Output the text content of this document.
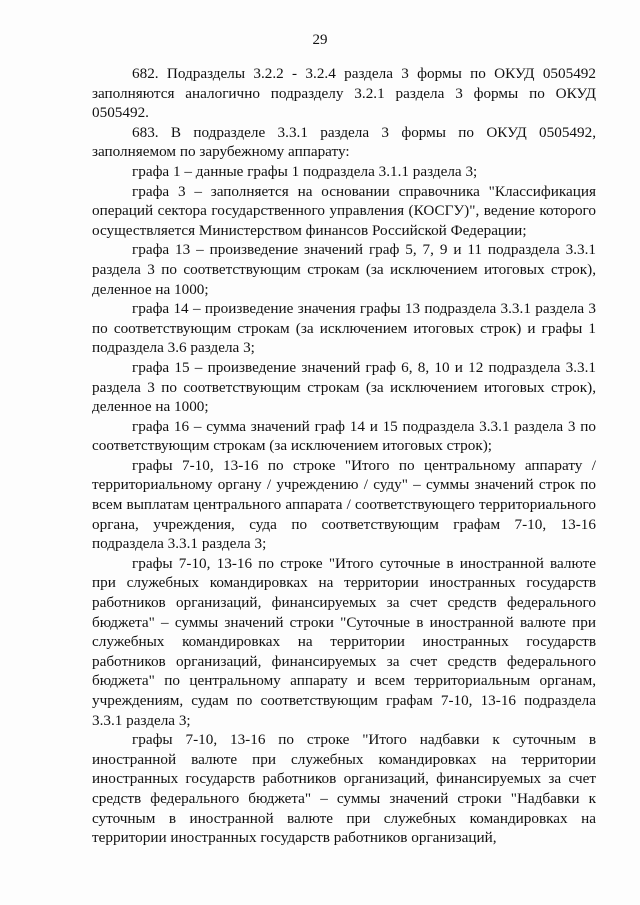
29

682. Подразделы 3.2.2 - 3.2.4 раздела 3 формы по ОКУД 0505492 заполняются аналогично подразделу 3.2.1 раздела 3 формы по ОКУД 0505492.

683. В подразделе 3.3.1 раздела 3 формы по ОКУД 0505492, заполняемом по зарубежному аппарату:

графа 1 – данные графы 1 подраздела 3.1.1 раздела 3;

графа 3 – заполняется на основании справочника "Классификация операций сектора государственного управления (КОСГУ)", ведение которого осуществляется Министерством финансов Российской Федерации;

графа 13 – произведение значений граф 5, 7, 9 и 11 подраздела 3.3.1 раздела 3 по соответствующим строкам (за исключением итоговых строк), деленное на 1000;

графа 14 – произведение значения графы 13 подраздела 3.3.1 раздела 3 по соответствующим строкам (за исключением итоговых строк) и графы 1 подраздела 3.6 раздела 3;

графа 15 – произведение значений граф 6, 8, 10 и 12 подраздела 3.3.1 раздела 3 по соответствующим строкам (за исключением итоговых строк), деленное на 1000;

графа 16 – сумма значений граф 14 и 15 подраздела 3.3.1 раздела 3 по соответствующим строкам (за исключением итоговых строк);

графы 7-10, 13-16 по строке "Итого по центральному аппарату / территориальному органу / учреждению / суду" – суммы значений строк по всем выплатам центрального аппарата / соответствующего территориального органа, учреждения, суда по соответствующим графам 7-10, 13-16 подраздела 3.3.1 раздела 3;

графы 7-10, 13-16 по строке "Итого суточные в иностранной валюте при служебных командировках на территории иностранных государств работников организаций, финансируемых за счет средств федерального бюджета" – суммы значений строки "Суточные в иностранной валюте при служебных командировках на территории иностранных государств работников организаций, финансируемых за счет средств федерального бюджета" по центральному аппарату и всем территориальным органам, учреждениям, судам по соответствующим графам 7-10, 13-16 подраздела 3.3.1 раздела 3;

графы 7-10, 13-16 по строке "Итого надбавки к суточным в иностранной валюте при служебных командировках на территории иностранных государств работников организаций, финансируемых за счет средств федерального бюджета" – суммы значений строки "Надбавки к суточным в иностранной валюте при служебных командировках на территории иностранных государств работников организаций,
